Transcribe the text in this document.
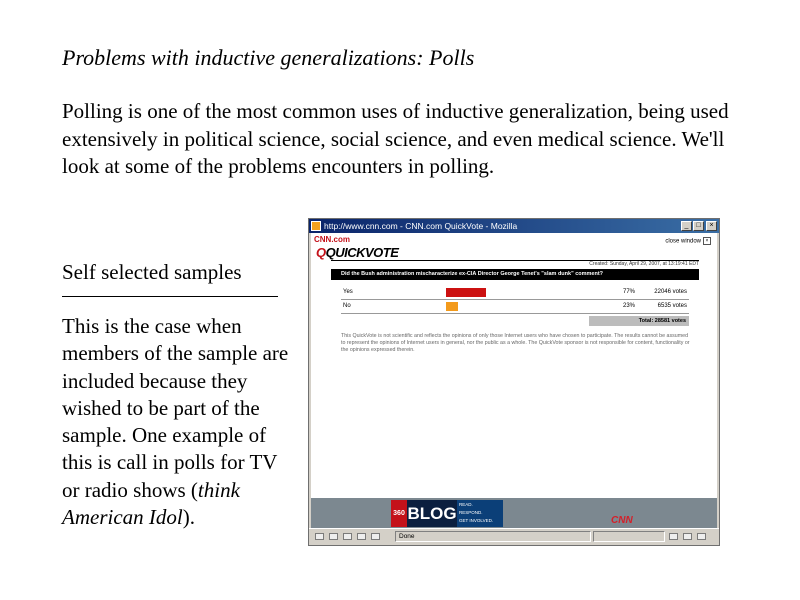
Problems with inductive generalizations: Polls
Polling is one of the most common uses of inductive generalization, being used extensively in political science, social science, and even medical science. We'll look at some of the problems encounters in polling.
Self selected samples
This is the case when members of the sample are included because they wished to be part of the sample. One example of this is call in polls for TV or radio shows (think American Idol).
http://www.cnn.com - CNN.com QuickVote - Mozilla	_	□	×
CNN.com	close window ×
QQUICKVOTE
Created: Sunday, April 29, 2007, at 13:19:41 EDT
Did the Bush administration mischaracterize ex-CIA Director George Tenet's "slam dunk" comment?
Yes	77%	22046 votes
No	23%	6535 votes
Total: 28581 votes
This QuickVote is not scientific and reflects the opinions of only those Internet users who have chosen to participate. The results cannot be assumed to represent the opinions of Internet users in general, nor the public as a whole. The QuickVote sponsor is not responsible for content, functionality or the opinions expressed therein.
360 BLOG READ.
RESPOND.
GET INVOLVED.	CNN
Done
